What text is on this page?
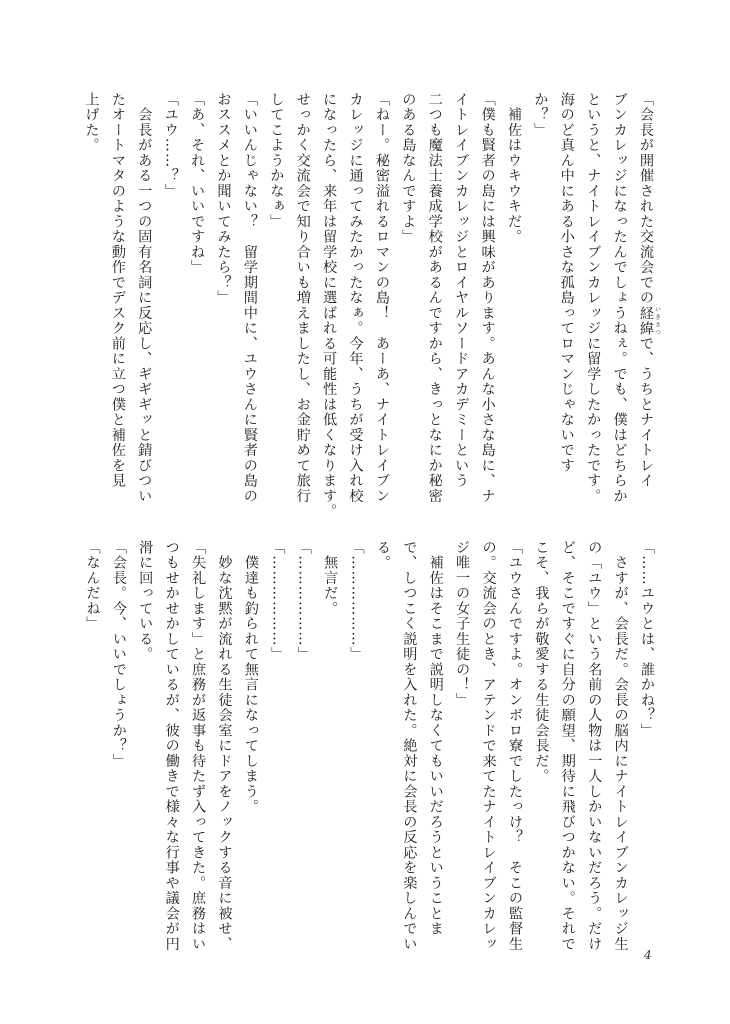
「会長が開催された交流会での経緯 いきさつで、うちとナイトレイ
ブンカレッジになったんでしょうねぇ。でも、僕はどちらか
というと、ナイトレイブンカレッジに留学したかったです。
海のど真ん中にある小さな孤島ってロマンじゃないです
か？」
　補佐はウキウキだ。
「僕も賢者の島には興味があります。あんな小さな島に、ナ
イトレイブンカレッジとロイヤルソードアカデミーという
二つも魔法士養成学校があるんですから、きっとなにか秘密
のある島なんですよ」
「ねー。秘密溢れるロマンの島！　あーあ、ナイトレイブン
カレッジに通ってみたかったなぁ。今年、うちが受け入れ校
になったら、来年は留学校に選ばれる可能性は低くなります。
せっかく交流会で知り合いも増えましたし、お金貯めて旅行
してこようかなぁ」
「いいんじゃない？　留学期間中に、ユウさんに賢者の島の
おススメとか聞いてみたら？」
「あ、それ、いいですね」
「ユウ……？」
　会長がある一つの固有名詞に反応し、ギギギッと錆びつい
たオートマタのような動作でデスク前に立つ僕と補佐を見
上げた。
「……ユウとは、誰かね？」
　さすが、会長だ。会長の脳内にナイトレイブンカレッジ生
の「ユウ」という名前の人物は一人しかいないだろう。だけ
ど、そこですぐに自分の願望、期待に飛びつかない。それで
こそ、我らが敬愛する生徒会長だ。
「ユウさんですよ。オンボロ寮でしたっけ？　そこの監督生
の。交流会のとき、アテンドで来てたナイトレイブンカレッ
ジ唯一の女子生徒の！」
　補佐はそこまで説明しなくてもいいだろうということま
で、しつこく説明を入れた。絶対に会長の反応を楽しんでい
る。
「………………」
　無言だ。
「………………」
「………………」
　僕達も釣られて無言になってしまう。
　妙な沈黙が流れる生徒会室にドアをノックする音に被せ、
「失礼します」と庶務が返事も待たず入ってきた。庶務はい
つもせかせかしているが、彼の働きで様々な行事や議会が円
滑に回っている。
「会長。今、いいでしょうか？」
「なんだね」
4
